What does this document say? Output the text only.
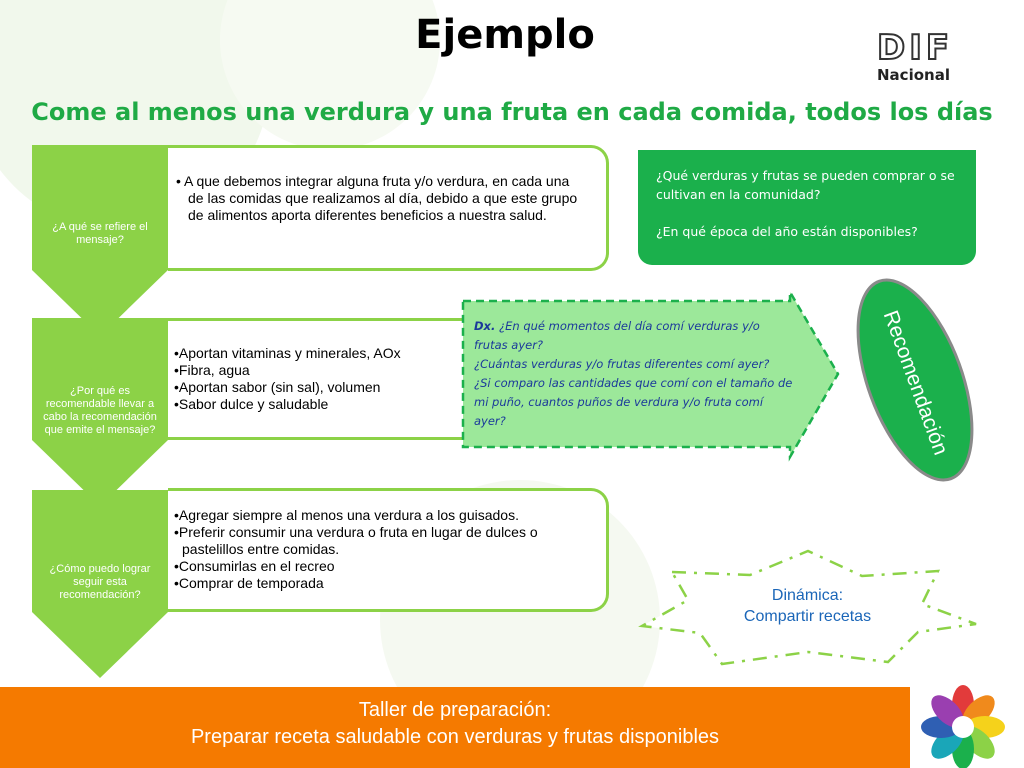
Ejemplo
Come al menos una verdura y una fruta en cada comida, todos los días
DIF
Nacional
¿A qué se refiere el mensaje?
¿Por qué es recomendable llevar a cabo la recomendación que emite el mensaje?
¿Cómo puedo lograr seguir esta recomendación?
• A que debemos integrar alguna fruta y/o verdura, en cada una de las comidas que realizamos al día, debido a que este grupo de alimentos aporta diferentes beneficios a nuestra salud.
•Aportan vitaminas y minerales, AOx
•Fibra, agua
•Aportan sabor (sin sal), volumen
•Sabor dulce y saludable
•Agregar siempre al menos una verdura a los guisados.
•Preferir consumir una verdura o fruta en lugar de dulces o pastelillos entre comidas.
•Consumirlas en el recreo
•Comprar de temporada
¿Qué verduras y frutas se pueden comprar o se cultivan en la comunidad?
¿En qué época del año están disponibles?
Dx. ¿En qué momentos del día comí verduras y/o frutas ayer?
¿Cuántas verduras y/o frutas diferentes comí ayer?
¿Si comparo las cantidades que comí con el tamaño de mi puño, cuantos puños de verdura y/o fruta comí ayer?	Recomendación
Dinámica:
Compartir recetas
Taller de preparación:
Preparar receta saludable con verduras y frutas disponibles
